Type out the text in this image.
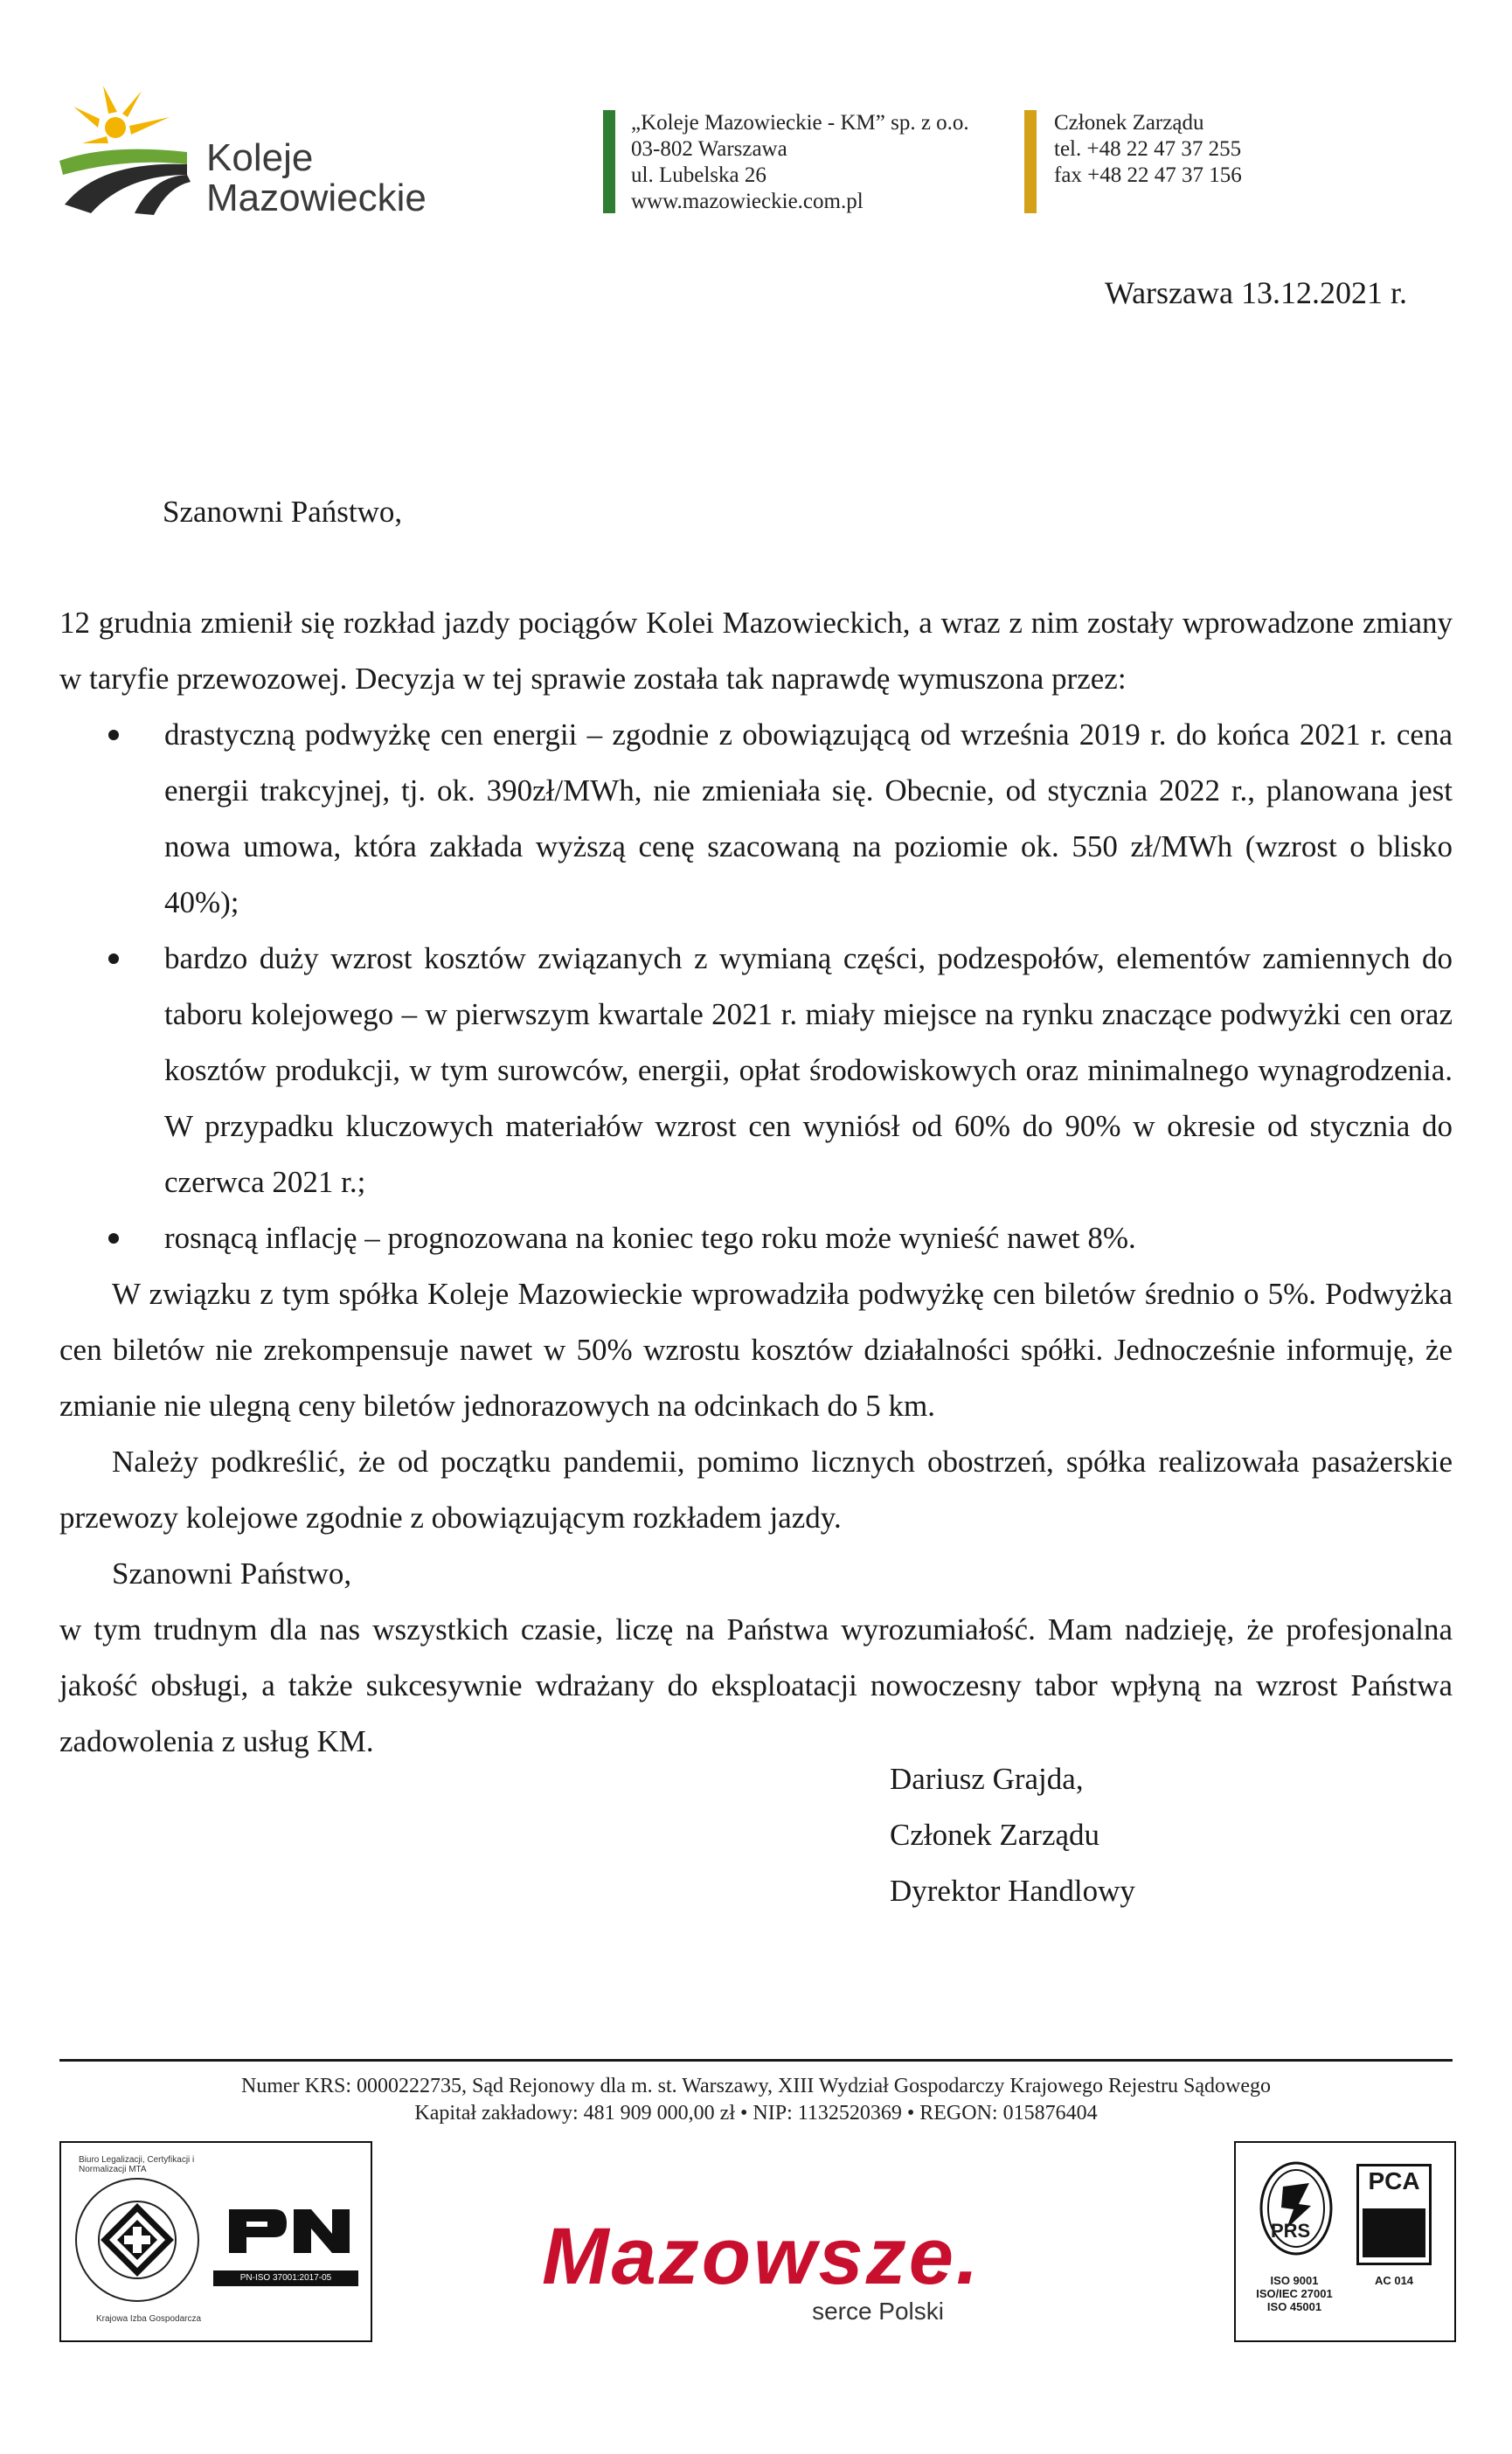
Koleje
Mazowieckie
„Koleje Mazowieckie - KM” sp. z o.o.
03-802 Warszawa
ul. Lubelska 26
www.mazowieckie.com.pl
Członek Zarządu
tel. +48 22 47 37 255
fax +48 22 47 37 156
Warszawa 13.12.2021 r.
Szanowni Państwo,
12 grudnia zmienił się rozkład jazdy pociągów Kolei Mazowieckich, a wraz z nim zostały wprowadzone zmiany w taryfie przewozowej. Decyzja w tej sprawie została tak naprawdę wymuszona przez:
drastyczną podwyżkę cen energii – zgodnie z obowiązującą od września 2019 r. do końca 2021 r. cena energii trakcyjnej, tj. ok. 390zł/MWh, nie zmieniała się. Obecnie, od stycznia 2022 r., planowana jest nowa umowa, która zakłada wyższą cenę szacowaną na poziomie ok. 550 zł/MWh (wzrost o blisko 40%);
bardzo duży wzrost kosztów związanych z wymianą części, podzespołów, elementów zamiennych do taboru kolejowego – w pierwszym kwartale 2021 r. miały miejsce na rynku znaczące podwyżki cen oraz kosztów produkcji, w tym surowców, energii, opłat środowiskowych oraz minimalnego wynagrodzenia. W przypadku kluczowych materiałów wzrost cen wyniósł od 60% do 90% w okresie od stycznia do czerwca 2021 r.;
rosnącą inflację – prognozowana na koniec tego roku może wynieść nawet 8%.
W związku z tym spółka Koleje Mazowieckie wprowadziła podwyżkę cen biletów średnio o 5%. Podwyżka cen biletów nie zrekompensuje nawet w 50% wzrostu kosztów działalności spółki. Jednocześnie informuję, że zmianie nie ulegną ceny biletów jednorazowych na odcinkach do 5 km.
Należy podkreślić, że od początku pandemii, pomimo licznych obostrzeń, spółka realizowała pasażerskie przewozy kolejowe zgodnie z obowiązującym rozkładem jazdy.
Szanowni Państwo,
w tym trudnym dla nas wszystkich czasie, liczę na Państwa wyrozumiałość. Mam nadzieję, że profesjonalna jakość obsługi, a także sukcesywnie wdrażany do eksploatacji nowoczesny tabor wpłyną na wzrost Państwa zadowolenia z usług KM.
Dariusz Grajda,
Członek Zarządu
Dyrektor Handlowy
Numer KRS: 0000222735, Sąd Rejonowy dla m. st. Warszawy, XIII Wydział Gospodarczy Krajowego Rejestru Sądowego
Kapitał zakładowy: 481 909 000,00 zł • NIP: 1132520369 • REGON: 015876404
Biuro Legalizacji, Certyfikacji i Normalizacji MTA
Krajowa Izba Gospodarcza
PN-ISO 37001:2017-05	Mazowsze.
serce Polski
PRS
ISO 9001
ISO/IEC 27001
ISO 45001
PCA
AC 014
